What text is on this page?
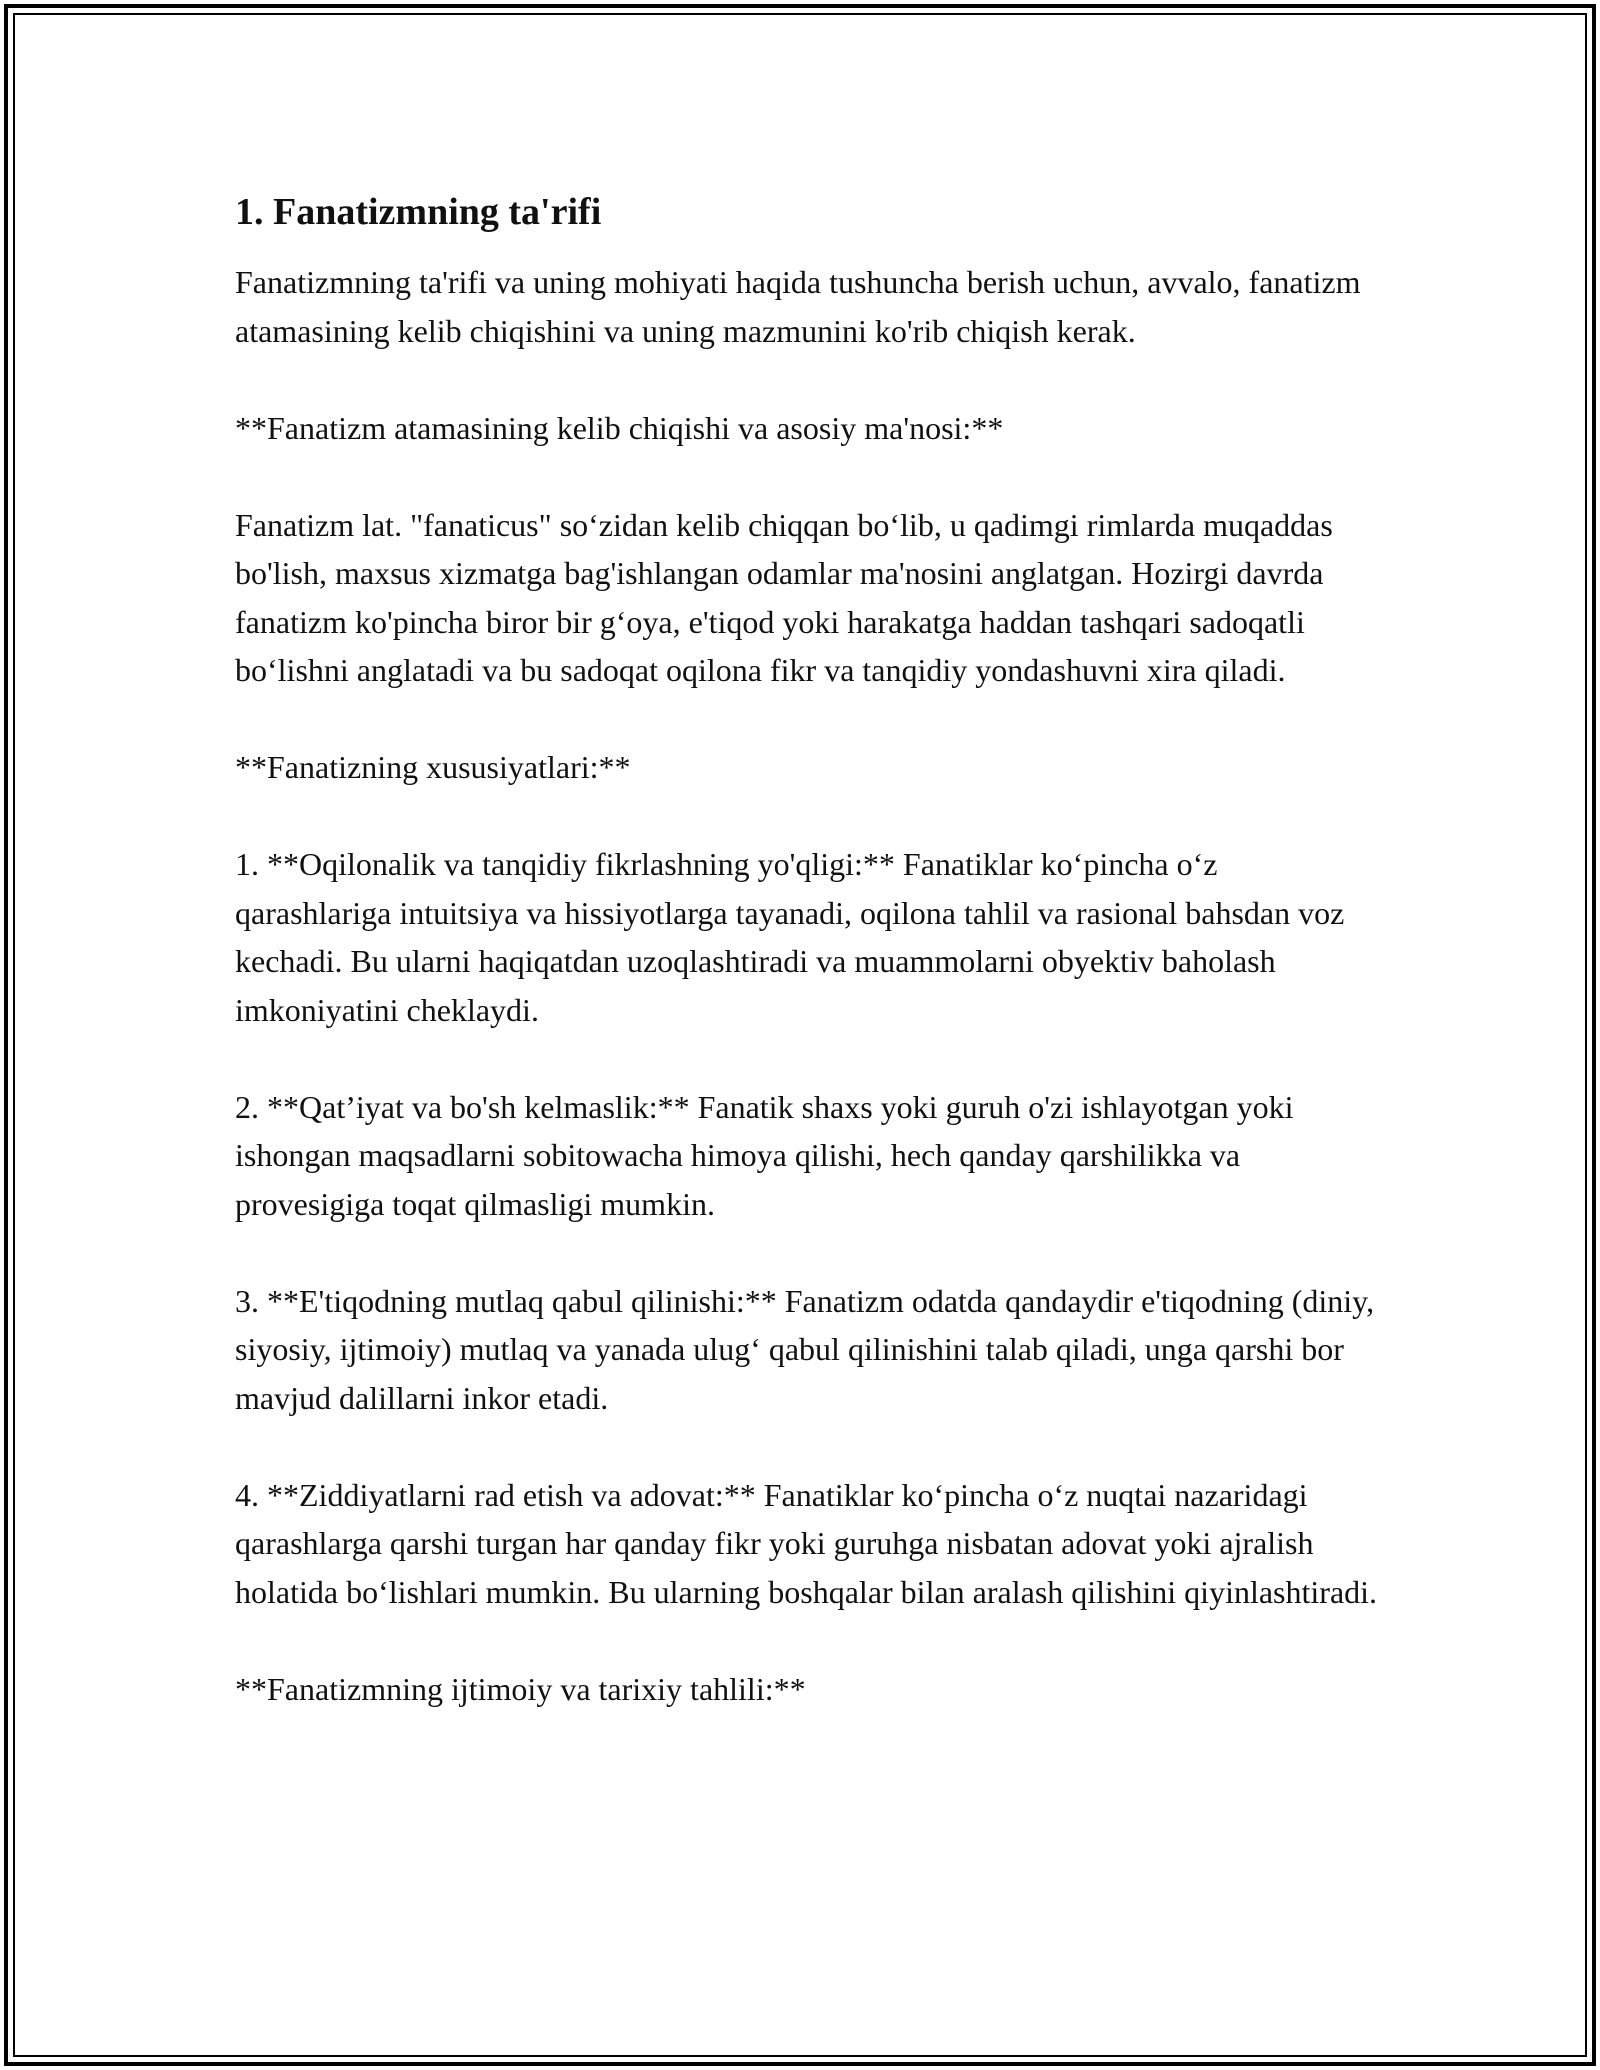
1. Fanatizmning ta'rifi

Fanatizmning ta'rifi va uning mohiyati haqida tushuncha berish uchun, avvalo, fanatizm atamasining kelib chiqishini va uning mazmunini ko'rib chiqish kerak.

**Fanatizm atamasining kelib chiqishi va asosiy ma'nosi:**

Fanatizm lat. "fanaticus" so‘zidan kelib chiqqan bo‘lib, u qadimgi rimlarda muqaddas bo'lish, maxsus xizmatga bag'ishlangan odamlar ma'nosini anglatgan. Hozirgi davrda fanatizm ko'pincha biror bir g‘oya, e'tiqod yoki harakatga haddan tashqari sadoqatli bo‘lishni anglatadi va bu sadoqat oqilona fikr va tanqidiy yondashuvni xira qiladi.

**Fanatizning xususiyatlari:**

1. **Oqilonalik va tanqidiy fikrlashning yo'qligi:** Fanatiklar ko‘pincha o‘z qarashlariga intuitsiya va hissiyotlarga tayanadi, oqilona tahlil va rasional bahsdan voz kechadi. Bu ularni haqiqatdan uzoqlashtiradi va muammolarni obyektiv baholash imkoniyatini cheklaydi.

2. **Qat’iyat va bo'sh kelmaslik:** Fanatik shaxs yoki guruh o'zi ishlayotgan yoki ishongan maqsadlarni sobitowacha himoya qilishi, hech qanday qarshilikka va provesigiga toqat qilmasligi mumkin.

3. **E'tiqodning mutlaq qabul qilinishi:** Fanatizm odatda qandaydir e'tiqodning (diniy, siyosiy, ijtimoiy) mutlaq va yanada ulug‘ qabul qilinishini talab qiladi, unga qarshi bor mavjud dalillarni inkor etadi.

4. **Ziddiyatlarni rad etish va adovat:** Fanatiklar ko‘pincha o‘z nuqtai nazaridagi qarashlarga qarshi turgan har qanday fikr yoki guruhga nisbatan adovat yoki ajralish holatida bo‘lishlari mumkin. Bu ularning boshqalar bilan aralash qilishini qiyinlashtiradi.

**Fanatizmning ijtimoiy va tarixiy tahlili:**
